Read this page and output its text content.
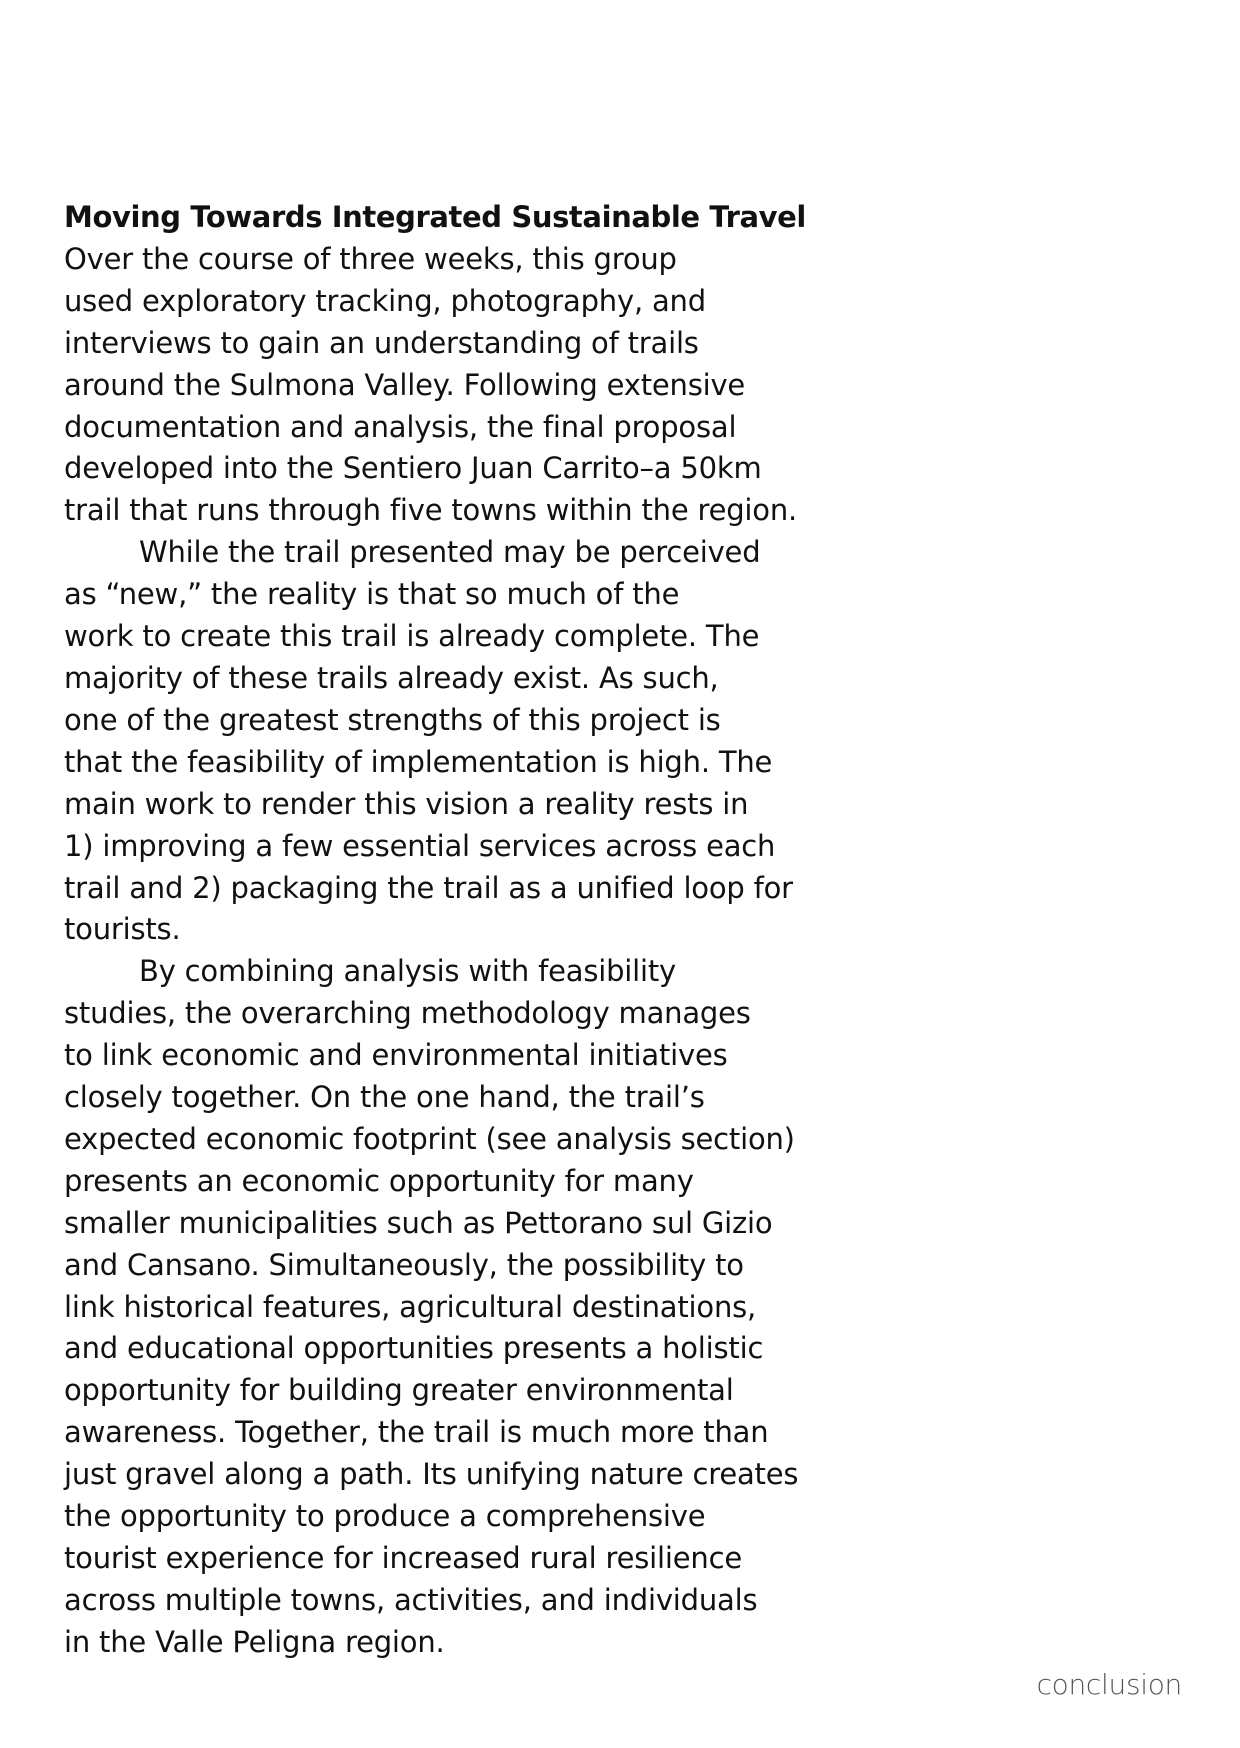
Moving Towards Integrated Sustainable Travel
Over the course of three weeks, this group
used exploratory tracking, photography, and
interviews to gain an understanding of trails
around the Sulmona Valley. Following extensive
documentation and analysis, the final proposal
developed into the Sentiero Juan Carrito–a 50km
trail that runs through five towns within the region.
While the trail presented may be perceived
as “new,” the reality is that so much of the
work to create this trail is already complete. The
majority of these trails already exist. As such,
one of the greatest strengths of this project is
that the feasibility of implementation is high. The
main work to render this vision a reality rests in
1) improving a few essential services across each
trail and 2) packaging the trail as a unified loop for
tourists.
By combining analysis with feasibility
studies, the overarching methodology manages
to link economic and environmental initiatives
closely together. On the one hand, the trail’s
expected economic footprint (see analysis section)
presents an economic opportunity for many
smaller municipalities such as Pettorano sul Gizio
and Cansano. Simultaneously, the possibility to
link historical features, agricultural destinations,
and educational opportunities presents a holistic
opportunity for building greater environmental
awareness. Together, the trail is much more than
just gravel along a path. Its unifying nature creates
the opportunity to produce a comprehensive
tourist experience for increased rural resilience
across multiple towns, activities, and individuals
in the Valle Peligna region.
conclusion
